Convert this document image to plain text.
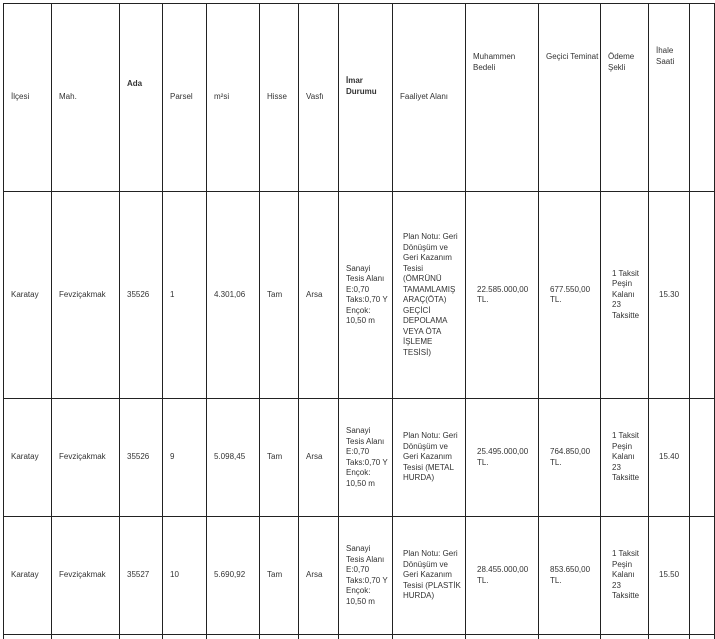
İlçesi	Mah.	Ada	Parsel	m²si	Hisse	Vasfı	İmar Durumu	Faaliyet Alanı	Muhammen Bedeli	Geçici Teminat	Ödeme Şekli	İhale Saati	
Karatay	Fevziçakmak	35526	1	4.301,06	Tam	Arsa	Sanayi Tesis Alanı E:0,70 Taks:0,70 Y Ençok: 10,50 m	Plan Notu: Geri Dönüşüm ve Geri Kazanım Tesisi (ÖMRÜNÜ TAMAMLAMIŞ ARAÇ(ÖTA) GEÇİCİ DEPOLAMA VEYA ÖTA İŞLEME TESİSİ)	22.585.000,00 TL.	677.550,00 TL.	1 Taksit Peşin Kalanı 23 Taksitte	15.30	
Karatay	Fevziçakmak	35526	9	5.098,45	Tam	Arsa	Sanayi Tesis Alanı E:0,70 Taks:0,70 Y Ençok: 10,50 m	Plan Notu: Geri Dönüşüm ve Geri Kazanım Tesisi (METAL HURDA)	25.495.000,00 TL.	764.850,00 TL.	1 Taksit Peşin Kalanı 23 Taksitte	15.40	
Karatay	Fevziçakmak	35527	10	5.690,92	Tam	Arsa	Sanayi Tesis Alanı E:0,70 Taks:0,70 Y Ençok: 10,50 m	Plan Notu: Geri Dönüşüm ve Geri Kazanım Tesisi (PLASTİK HURDA)	28.455.000,00 TL.	853.650,00 TL.	1 Taksit Peşin Kalanı 23 Taksitte	15.50	
